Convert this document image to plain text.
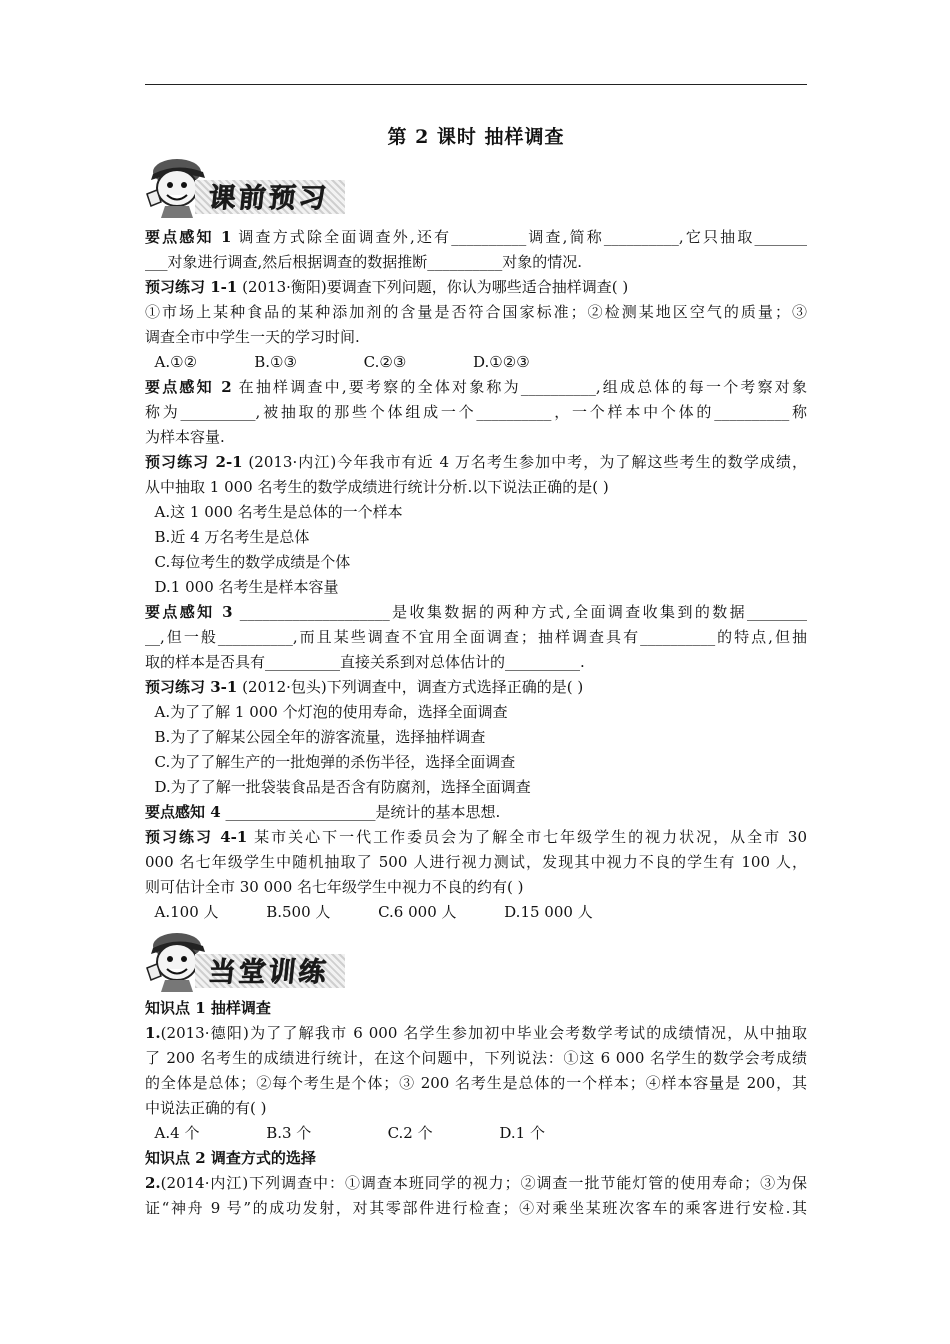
第 2 课时 抽样调查
课前预习
要点感知 1 调查方式除全面调查外,还有__________调查,简称__________,它只抽取_______
___对象进行调查,然后根据调查的数据推断__________对象的情况.
预习练习 1-1 (2013·衡阳)要调查下列问题，你认为哪些适合抽样调查( )
①市场上某种食品的某种添加剂的含量是否符合国家标准；②检测某地区空气的质量；③
调查全市中学生一天的学习时间.
A.①②            B.①③              C.②③              D.①②③
要点感知 2 在抽样调查中,要考察的全体对象称为__________,组成总体的每一个考察对象
称为__________,被抽取的那些个体组成一个__________，一个样本中个体的__________称
为样本容量.
预习练习 2-1 (2013·内江)今年我市有近 4 万名考生参加中考，为了解这些考生的数学成绩，
从中抽取 1 000 名考生的数学成绩进行统计分析.以下说法正确的是( )
A.这 1 000 名考生是总体的一个样本
B.近 4 万名考生是总体
C.每位考生的数学成绩是个体
D.1 000 名考生是样本容量
要点感知 3 ____________________是收集数据的两种方式,全面调查收集到的数据________
__,但一般__________,而且某些调查不宜用全面调查；抽样调查具有__________的特点,但抽
取的样本是否具有__________直接关系到对总体估计的__________.
预习练习 3-1 (2012·包头)下列调查中，调查方式选择正确的是( )
A.为了了解 1 000 个灯泡的使用寿命，选择全面调查
B.为了了解某公园全年的游客流量，选择抽样调查
C.为了了解生产的一批炮弹的杀伤半径，选择全面调查
D.为了了解一批袋装食品是否含有防腐剂，选择全面调查
要点感知 4 ____________________是统计的基本思想.
预习练习 4-1 某市关心下一代工作委员会为了解全市七年级学生的视力状况，从全市 30
000 名七年级学生中随机抽取了 500 人进行视力测试，发现其中视力不良的学生有 100 人，
则可估计全市 30 000 名七年级学生中视力不良的约有( )
A.100 人          B.500 人          C.6 000 人          D.15 000 人
当堂训练
知识点 1 抽样调查
1.(2013·德阳)为了了解我市 6 000 名学生参加初中毕业会考数学考试的成绩情况，从中抽取
了 200 名考生的成绩进行统计，在这个问题中，下列说法：①这 6 000 名学生的数学会考成绩
的全体是总体；②每个考生是个体；③ 200 名考生是总体的一个样本；④样本容量是 200，其
中说法正确的有( )
A.4 个              B.3 个                C.2 个              D.1 个
知识点 2 调查方式的选择
2.(2014·内江)下列调查中：①调查本班同学的视力；②调查一批节能灯管的使用寿命；③为保
证“神舟 9 号”的成功发射，对其零部件进行检查；④对乘坐某班次客车的乘客进行安检.其
